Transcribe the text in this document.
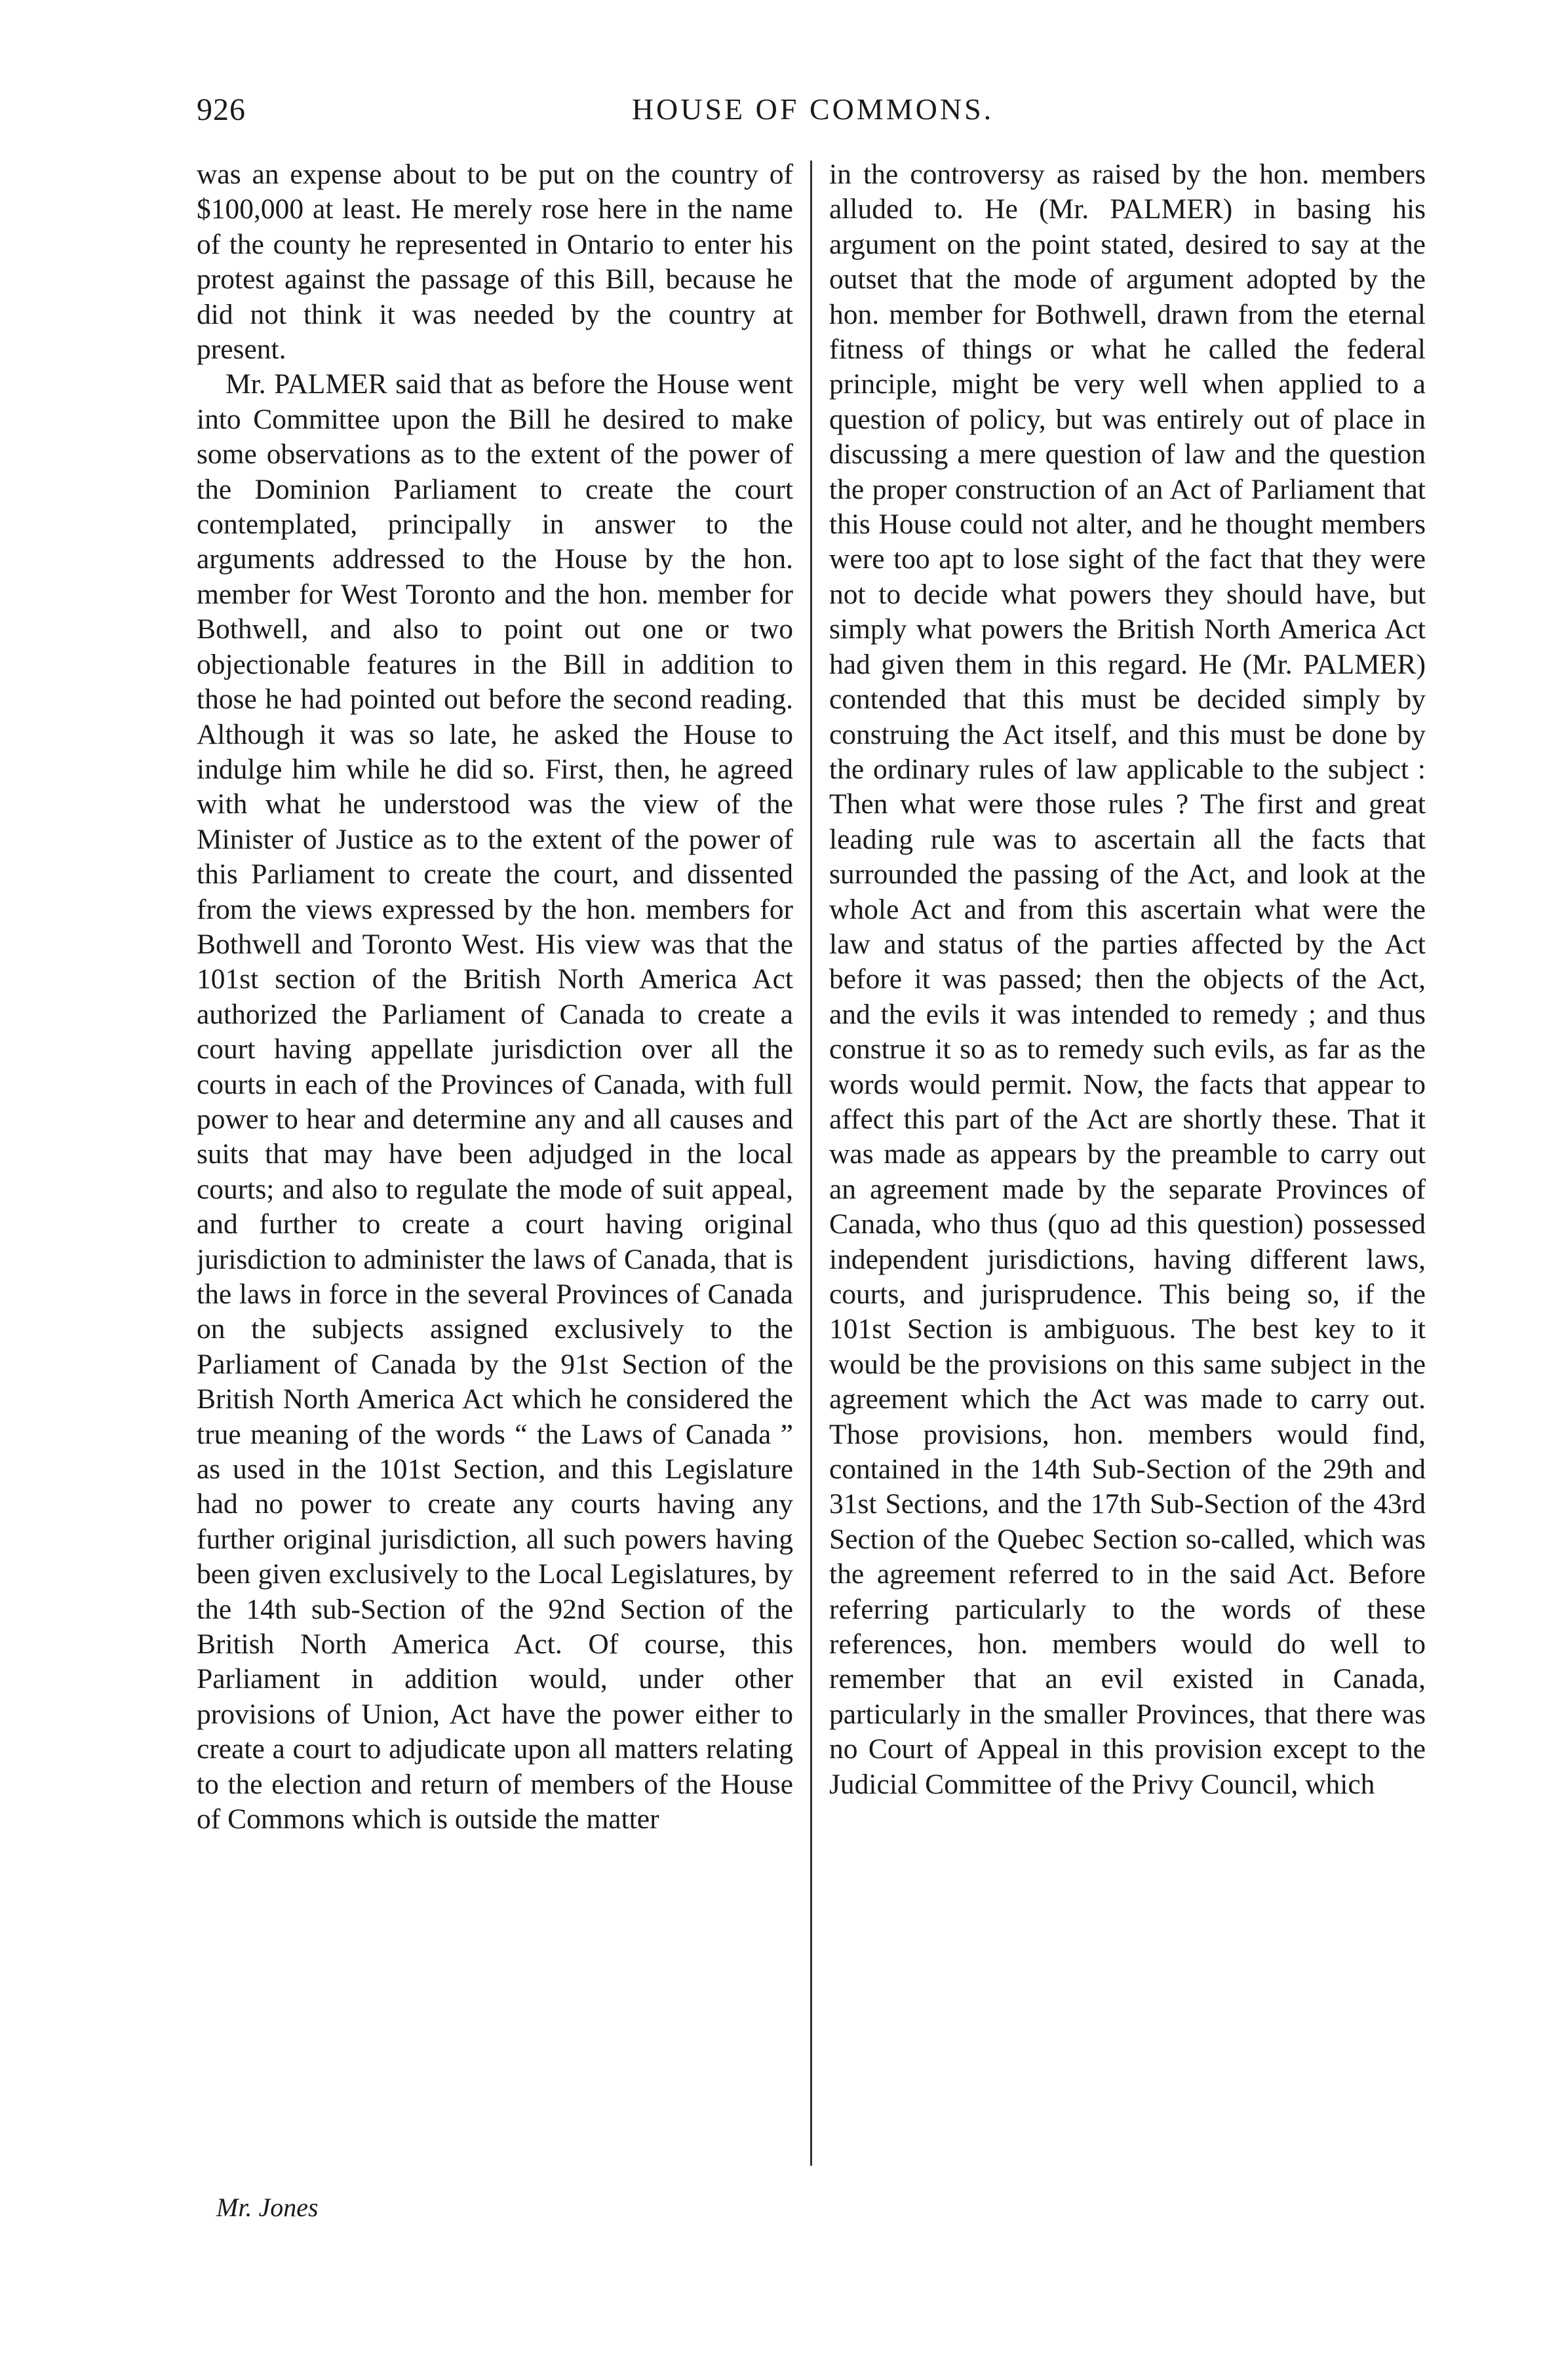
926	HOUSE OF COMMONS.

was an expense about to be put on the country of $100,000 at least. He merely rose here in the name of the county he represented in Ontario to enter his protest against the passage of this Bill, because he did not think it was needed by the country at present.

Mr. PALMER said that as before the House went into Committee upon the Bill he desired to make some observations as to the extent of the power of the Dominion Parliament to create the court contemplated, principally in answer to the arguments addressed to the House by the hon. member for West Toronto and the hon. member for Bothwell, and also to point out one or two objectionable features in the Bill in addition to those he had pointed out before the second reading. Although it was so late, he asked the House to indulge him while he did so. First, then, he agreed with what he understood was the view of the Minister of Justice as to the extent of the power of this Parliament to create the court, and dissented from the views expressed by the hon. members for Bothwell and Toronto West. His view was that the 101st section of the British North America Act authorized the Parliament of Canada to create a court having appellate jurisdiction over all the courts in each of the Provinces of Canada, with full power to hear and determine any and all causes and suits that may have been adjudged in the local courts; and also to regulate the mode of suit appeal, and further to create a court having original jurisdiction to administer the laws of Canada, that is the laws in force in the several Provinces of Canada on the subjects assigned exclusively to the Parliament of Canada by the 91st Section of the British North America Act which he considered the true meaning of the words “ the Laws of Canada ” as used in the 101st Section, and this Legislature had no power to create any courts having any further original jurisdiction, all such powers having been given exclusively to the Local Legislatures, by the 14th sub-Section of the 92nd Section of the British North America Act. Of course, this Parliament in addition would, under other provisions of Union, Act have the power either to create a court to adjudicate upon all matters relating to the election and return of members of the House of Commons which is outside the matter

in the controversy as raised by the hon. members alluded to. He (Mr. PALMER) in basing his argument on the point stated, desired to say at the outset that the mode of argument adopted by the hon. member for Bothwell, drawn from the eternal fitness of things or what he called the federal principle, might be very well when applied to a question of policy, but was entirely out of place in discussing a mere question of law and the question the proper construction of an Act of Parliament that this House could not alter, and he thought members were too apt to lose sight of the fact that they were not to decide what powers they should have, but simply what powers the British North America Act had given them in this regard. He (Mr. PALMER) contended that this must be decided simply by construing the Act itself, and this must be done by the ordinary rules of law applicable to the subject : Then what were those rules ? The first and great leading rule was to ascertain all the facts that surrounded the passing of the Act, and look at the whole Act and from this ascertain what were the law and status of the parties affected by the Act before it was passed; then the objects of the Act, and the evils it was intended to remedy ; and thus construe it so as to remedy such evils, as far as the words would permit. Now, the facts that appear to affect this part of the Act are shortly these. That it was made as appears by the preamble to carry out an agreement made by the separate Provinces of Canada, who thus (quo ad this question) possessed independent jurisdictions, having different laws, courts, and jurisprudence. This being so, if the 101st Section is ambiguous. The best key to it would be the provisions on this same subject in the agreement which the Act was made to carry out. Those provisions, hon. members would find, contained in the 14th Sub-Section of the 29th and 31st Sections, and the 17th Sub-Section of the 43rd Section of the Quebec Section so-called, which was the agreement referred to in the said Act. Before referring particularly to the words of these references, hon. members would do well to remember that an evil existed in Canada, particularly in the smaller Provinces, that there was no Court of Appeal in this provision except to the Judicial Committee of the Privy Council, which

Mr. Jones
